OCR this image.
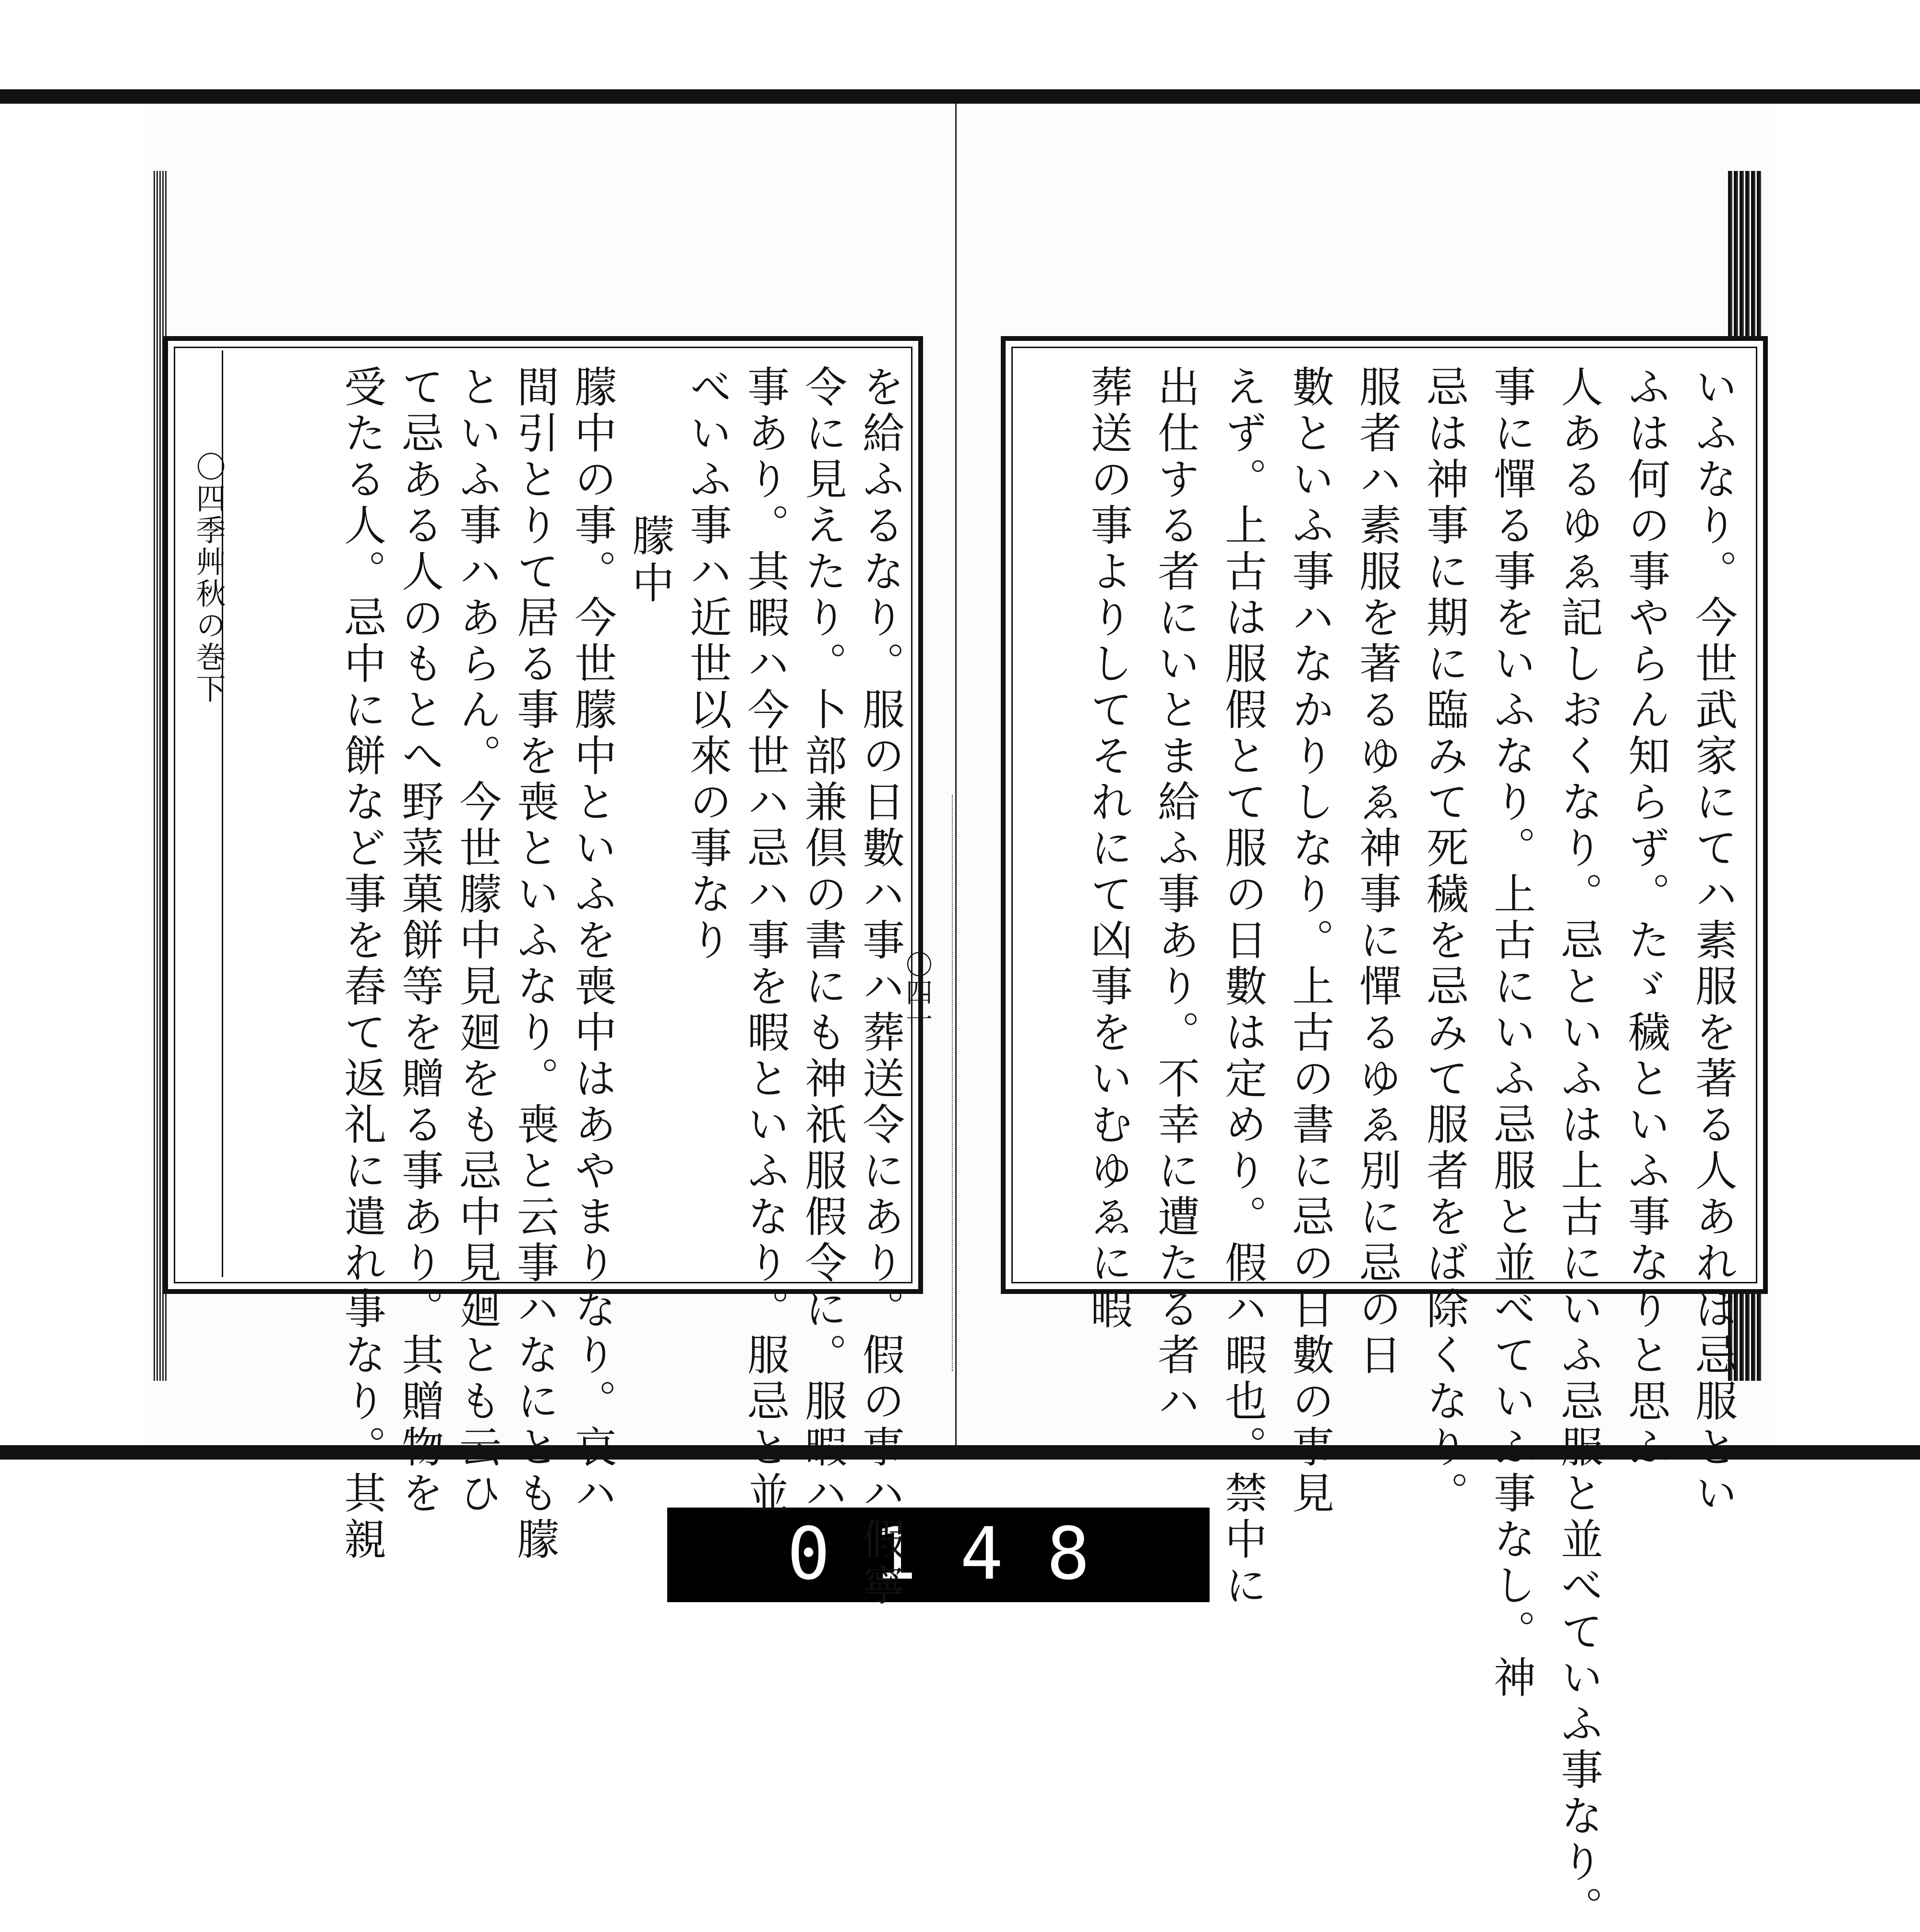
〇四季艸秋の巻下
〇四十
を給ふるなり。服の日數ハ事ハ葬送令にあり。假の事ハ假寧
令に見えたり。卜部兼倶の書にも神祇服假令に。服暇ハ
事あり。其暇ハ今世ハ忌ハ事を暇といふなり。服忌と並
べいふ事ハ近世以來の事なり
朦中
朦中の事。今世朦中といふを喪中はあやまりなり。哀ハ
間引とりて居る事を喪といふなり。喪と云事ハなにとも朦
といふ事ハあらん。今世朦中見廻をも忌中見廻とも云ひ
て忌ある人のもとへ野菜菓餅等を贈る事あり。其贈物を
受たる人。忌中に餅など事を舂て返礼に遣れ事なり。其親	いふなり。今世武家にてハ素服を著る人あれば忌服とい
ふは何の事やらん知らず。たゞ穢といふ事なりと思ふ
人あるゆゑ記しおくなり。忌といふは上古にいふ忌服と並べていふ事なり。
事に憚る事をいふなり。上古にいふ忌服と並べていふ事なし。神
忌は神事に期に臨みて死穢を忌みて服者をば除くなり。
服者ハ素服を著るゆゑ神事に憚るゆゑ別に忌の日
數といふ事ハなかりしなり。上古の書に忌の日數の事見
えず。上古は服假とて服の日數は定めり。假ハ暇也。禁中に
出仕する者にいとま給ふ事あり。不幸に遭たる者ハ
葬送の事よりしてそれにて凶事をいむゆゑに暇
0148
